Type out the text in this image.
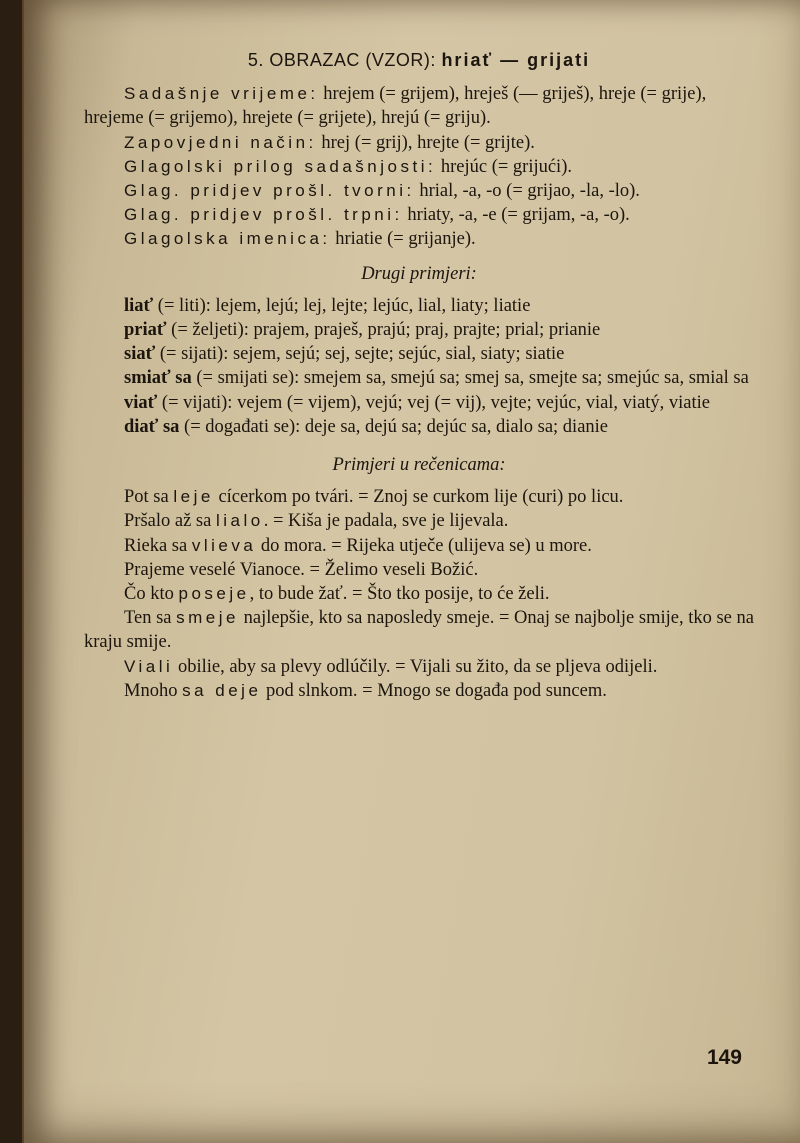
5. OBRAZAC (VZOR): hriať — grijati

Sadašnje vrijeme: hrejem (= grijem), hreješ (— griješ), hreje (= grije), hrejeme (= grijemo), hrejete (= grijete), hrejú (= griju).

Zapovjedni način: hrej (= grij), hrejte (= grijte).

Glagolski prilog sadašnjosti: hrejúc (= grijući).

Glag. pridjev prošl. tvorni: hrial, -a, -o (= grijao, -la, -lo).

Glag. pridjev prošl. trpni: hriaty, -a, -e (= grijam, -a, -o).

Glagolska imenica: hriatie (= grijanje).

Drugi primjeri:

liať (= liti): lejem, lejú; lej, lejte; lejúc, lial, liaty; liatie

priať (= željeti): prajem, praješ, prajú; praj, prajte; prial; prianie

siať (= sijati): sejem, sejú; sej, sejte; sejúc, sial, siaty; siatie

smiať sa (= smijati se): smejem sa, smejú sa; smej sa, smejte sa; smejúc sa, smial sa

viať (= vijati): vejem (= vijem), vejú; vej (= vij), vejte; vejúc, vial, viatý, viatie

diať sa (= događati se): deje sa, dejú sa; dejúc sa, dialo sa; dianie

Primjeri u rečenicama:

Pot sa leje cícerkom po tvári. = Znoj se curkom lije (curi) po licu.

Pršalo až sa lialo. = Kiša je padala, sve je lijevala.

Rieka sa vlieva do mora. = Rijeka utječe (ulijeva se) u more.

Prajeme veselé Vianoce. = Želimo veseli Božić.

Čo kto poseje, to bude žať. = Što tko posije, to će želi.

Ten sa smeje najlepšie, kto sa naposledy smeje. = Onaj se najbolje smije, tko se na kraju smije.

Viali obilie, aby sa plevy odlúčily. = Vijali su žito, da se pljeva odijeli.

Mnoho sa deje pod slnkom. = Mnogo se događa pod suncem.

149
